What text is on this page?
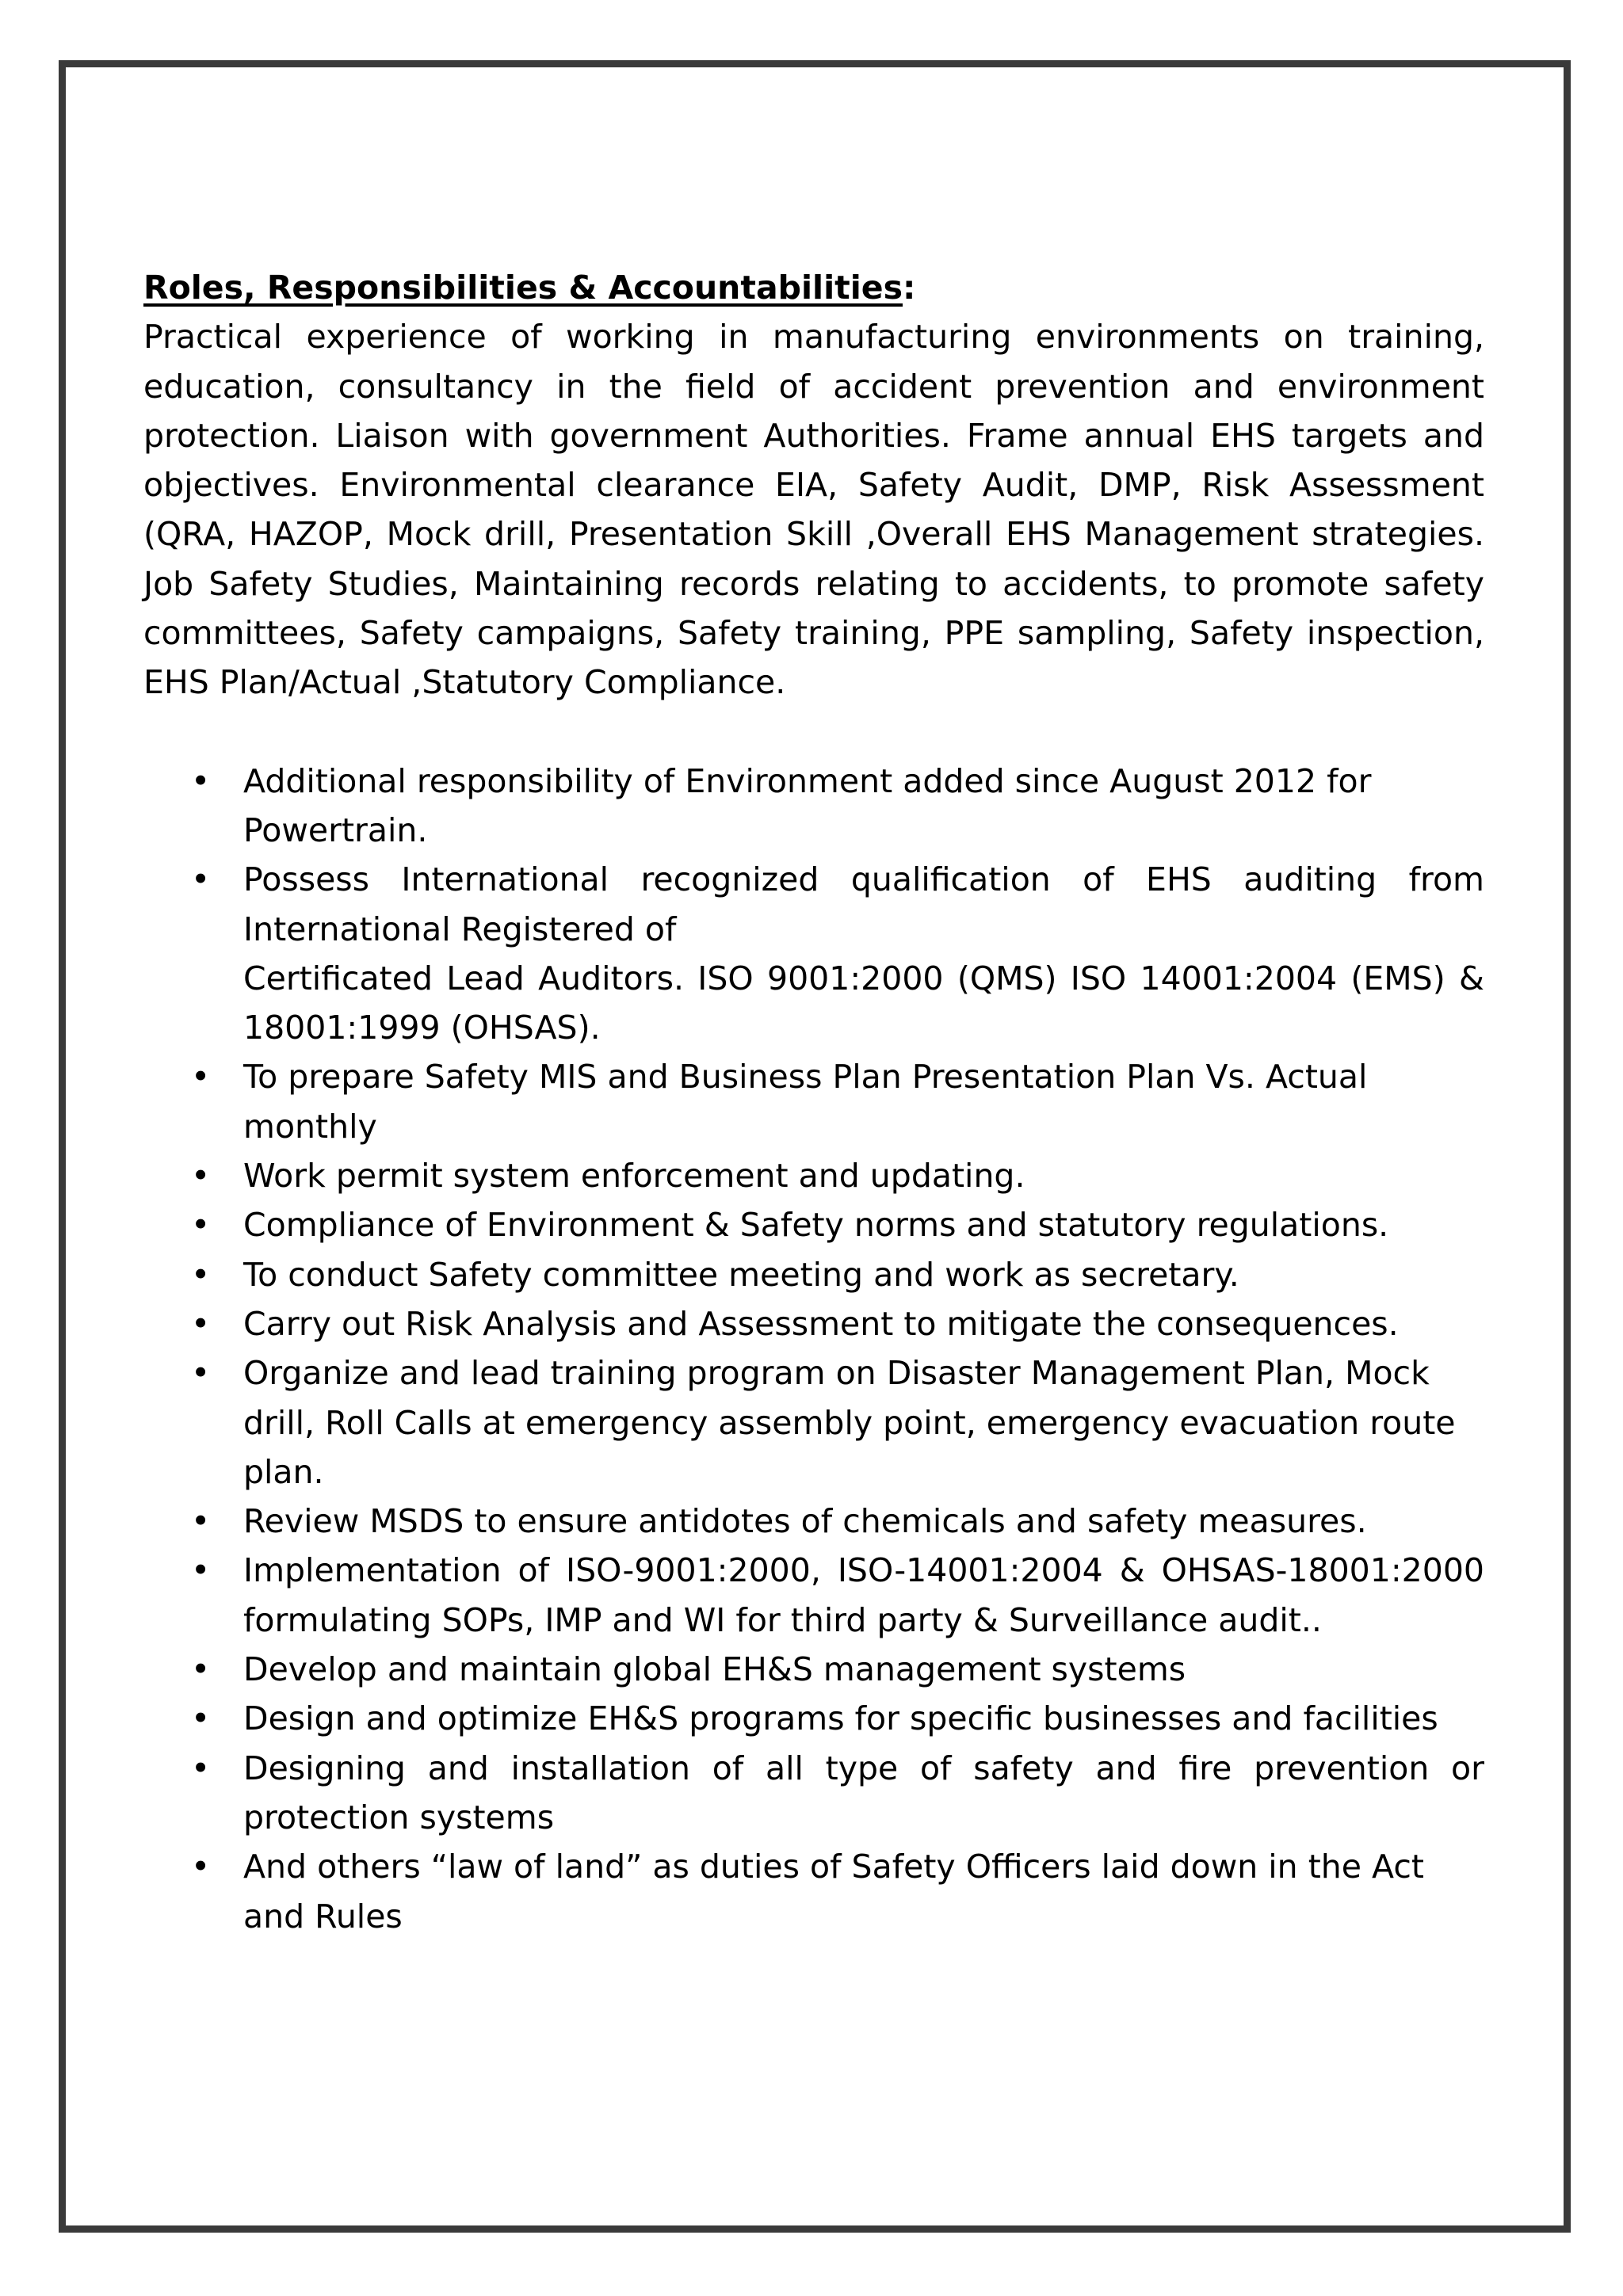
Roles, Responsibilities & Accountabilities:

Practical experience of working in manufacturing environments on training, education, consultancy in the field of accident prevention and environment protection. Liaison with government Authorities. Frame annual EHS targets and objectives. Environmental clearance EIA, Safety Audit, DMP, Risk Assessment (QRA, HAZOP, Mock drill, Presentation Skill ,Overall EHS Management strategies. Job Safety Studies, Maintaining records relating to accidents, to promote safety committees, Safety campaigns, Safety training, PPE sampling, Safety inspection, EHS Plan/Actual ,Statutory Compliance.

• Additional responsibility of Environment added since August 2012 for Powertrain.
• Possess International recognized qualification of EHS auditing from International Registered of
Certificated Lead Auditors. ISO 9001:2000 (QMS) ISO 14001:2004 (EMS) & 18001:1999 (OHSAS).
• To prepare Safety MIS and Business Plan Presentation Plan Vs. Actual monthly
• Work permit system enforcement and updating.
• Compliance of Environment & Safety norms and statutory regulations.
• To conduct Safety committee meeting and work as secretary.
• Carry out Risk Analysis and Assessment to mitigate the consequences.
• Organize and lead training program on Disaster Management Plan, Mock drill, Roll Calls at emergency assembly point, emergency evacuation route plan.
• Review MSDS to ensure antidotes of chemicals and safety measures.
• Implementation of ISO-9001:2000, ISO-14001:2004 & OHSAS-18001:2000 formulating SOPs, IMP and WI for third party & Surveillance audit..
• Develop and maintain global EH&S management systems
• Design and optimize EH&S programs for specific businesses and facilities
• Designing and installation of all type of safety and fire prevention or protection systems
• And others “law of land” as duties of Safety Officers laid down in the Act and Rules
